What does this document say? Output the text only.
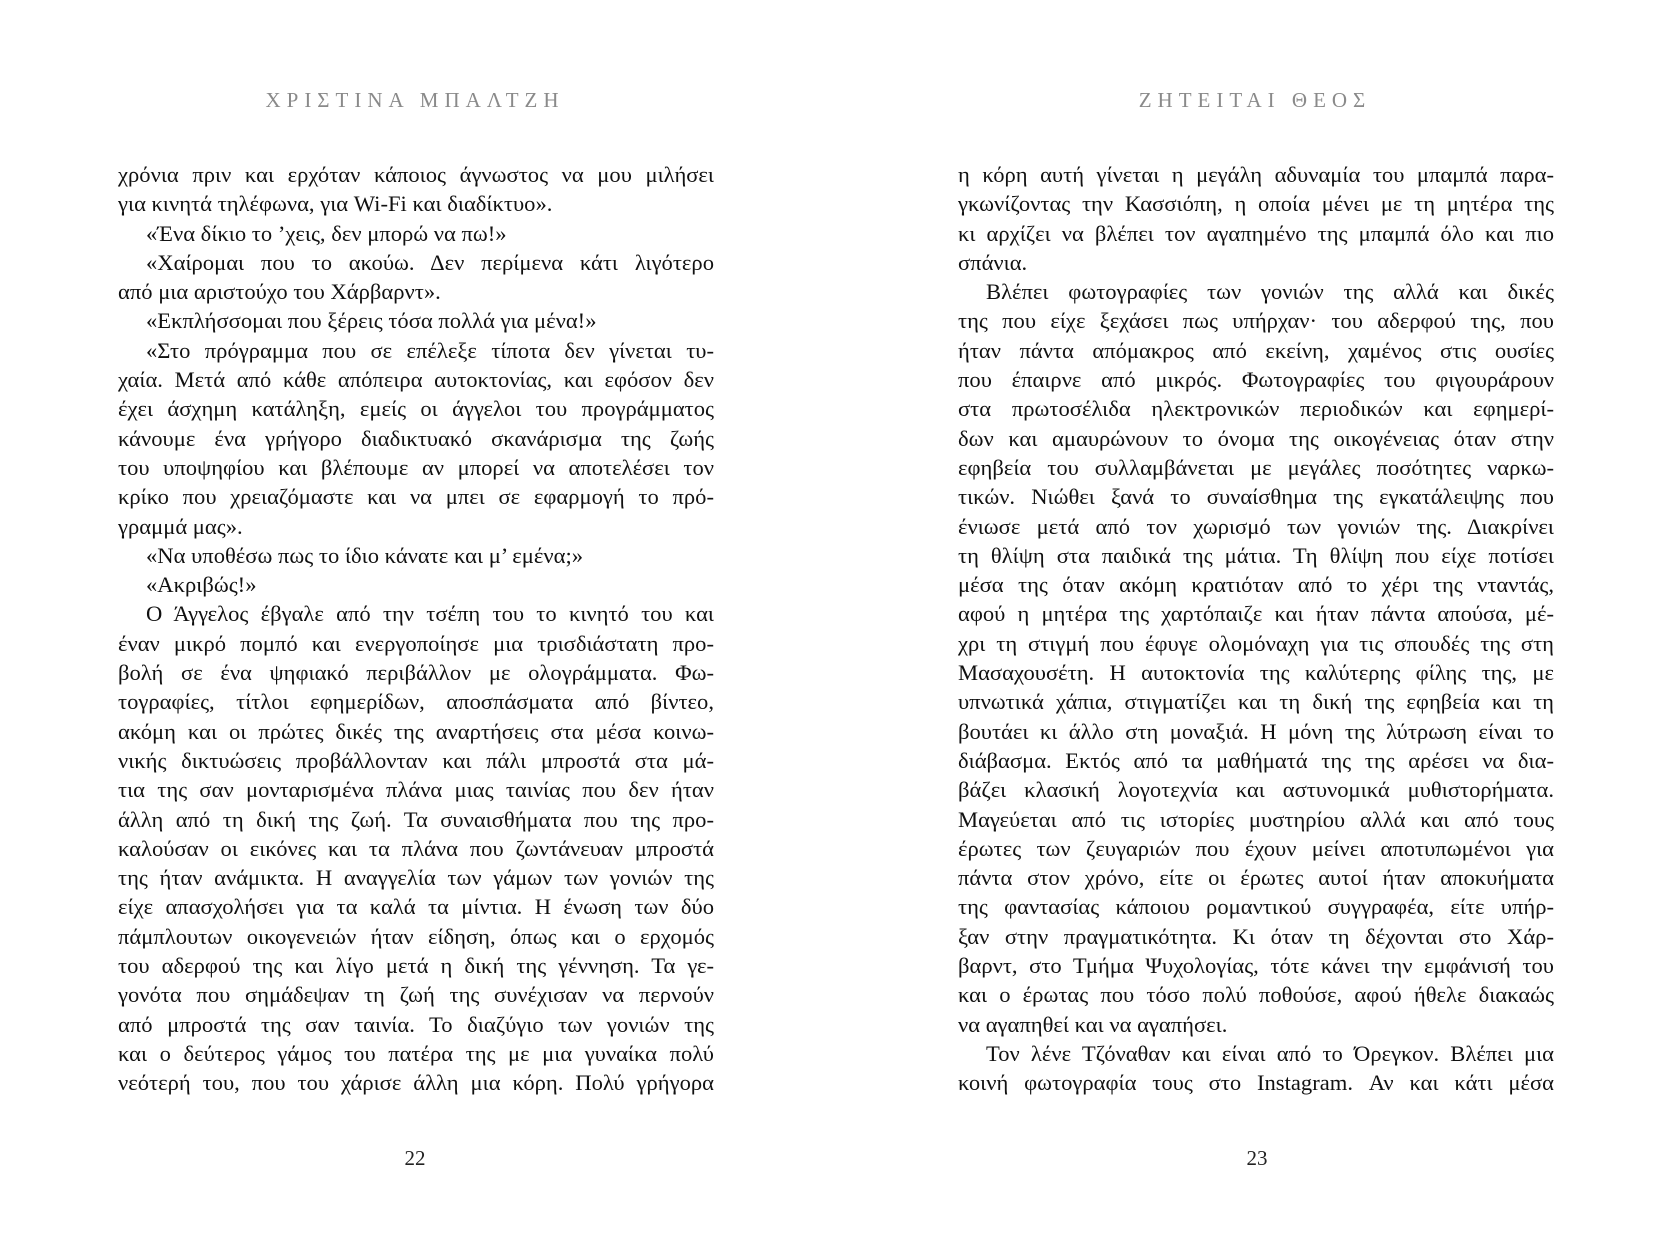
ΧΡΙΣΤΙΝΑ ΜΠΑΛΤΖΗ
χρόνια πριν και ερχόταν κάποιος άγνωστος να μου μιλήσει
για κινητά τηλέφωνα, για Wi-Fi και διαδίκτυο».
«Ένα δίκιο το ’χεις, δεν μπορώ να πω!»
«Χαίρομαι που το ακούω. Δεν περίμενα κάτι λιγότερο
από μια αριστούχο του Χάρβαρντ».
«Εκπλήσσομαι που ξέρεις τόσα πολλά για μένα!»
«Στο πρόγραμμα που σε επέλεξε τίποτα δεν γίνεται τυ-
χαία. Μετά από κάθε απόπειρα αυτοκτονίας, και εφόσον δεν
έχει άσχημη κατάληξη, εμείς οι άγγελοι του προγράμματος
κάνουμε ένα γρήγορο διαδικτυακό σκανάρισμα της ζωής
του υποψηφίου και βλέπουμε αν μπορεί να αποτελέσει τον
κρίκο που χρειαζόμαστε και να μπει σε εφαρμογή το πρό-
γραμμά μας».
«Να υποθέσω πως το ίδιο κάνατε και μ’ εμένα;»
«Ακριβώς!»
Ο Άγγελος έβγαλε από την τσέπη του το κινητό του και
έναν μικρό πομπό και ενεργοποίησε μια τρισδιάστατη προ-
βολή σε ένα ψηφιακό περιβάλλον με ολογράμματα. Φω-
τογραφίες, τίτλοι εφημερίδων, αποσπάσματα από βίντεο,
ακόμη και οι πρώτες δικές της αναρτήσεις στα μέσα κοινω-
νικής δικτυώσεις προβάλλονταν και πάλι μπροστά στα μά-
τια της σαν μονταρισμένα πλάνα μιας ταινίας που δεν ήταν
άλλη από τη δική της ζωή. Τα συναισθήματα που της προ-
καλούσαν οι εικόνες και τα πλάνα που ζωντάνευαν μπροστά
της ήταν ανάμικτα. Η αναγγελία των γάμων των γονιών της
είχε απασχολήσει για τα καλά τα μίντια. Η ένωση των δύο
πάμπλουτων οικογενειών ήταν είδηση, όπως και ο ερχομός
του αδερφού της και λίγο μετά η δική της γέννηση. Τα γε-
γονότα που σημάδεψαν τη ζωή της συνέχισαν να περνούν
από μπροστά της σαν ταινία. Το διαζύγιο των γονιών της
και ο δεύτερος γάμος του πατέρα της με μια γυναίκα πολύ
νεότερή του, που του χάρισε άλλη μια κόρη. Πολύ γρήγορα
22
ΖΗΤΕΙΤΑΙ ΘΕΟΣ
η κόρη αυτή γίνεται η μεγάλη αδυναμία του μπαμπά παρα-
γκωνίζοντας την Κασσιόπη, η οποία μένει με τη μητέρα της
κι αρχίζει να βλέπει τον αγαπημένο της μπαμπά όλο και πιο
σπάνια.
Βλέπει φωτογραφίες των γονιών της αλλά και δικές
της που είχε ξεχάσει πως υπήρχαν· του αδερφού της, που
ήταν πάντα απόμακρος από εκείνη, χαμένος στις ουσίες
που έπαιρνε από μικρός. Φωτογραφίες του φιγουράρουν
στα πρωτοσέλιδα ηλεκτρονικών περιοδικών και εφημερί-
δων και αμαυρώνουν το όνομα της οικογένειας όταν στην
εφηβεία του συλλαμβάνεται με μεγάλες ποσότητες ναρκω-
τικών. Νιώθει ξανά το συναίσθημα της εγκατάλειψης που
ένιωσε μετά από τον χωρισμό των γονιών της. Διακρίνει
τη θλίψη στα παιδικά της μάτια. Τη θλίψη που είχε ποτίσει
μέσα της όταν ακόμη κρατιόταν από το χέρι της νταντάς,
αφού η μητέρα της χαρτόπαιζε και ήταν πάντα απούσα, μέ-
χρι τη στιγμή που έφυγε ολομόναχη για τις σπουδές της στη
Μασαχουσέτη. Η αυτοκτονία της καλύτερης φίλης της, με
υπνωτικά χάπια, στιγματίζει και τη δική της εφηβεία και τη
βουτάει κι άλλο στη μοναξιά. Η μόνη της λύτρωση είναι το
διάβασμα. Εκτός από τα μαθήματά της της αρέσει να δια-
βάζει κλασική λογοτεχνία και αστυνομικά μυθιστορήματα.
Μαγεύεται από τις ιστορίες μυστηρίου αλλά και από τους
έρωτες των ζευγαριών που έχουν μείνει αποτυπωμένοι για
πάντα στον χρόνο, είτε οι έρωτες αυτοί ήταν αποκυήματα
της φαντασίας κάποιου ρομαντικού συγγραφέα, είτε υπήρ-
ξαν στην πραγματικότητα. Κι όταν τη δέχονται στο Χάρ-
βαρντ, στο Τμήμα Ψυχολογίας, τότε κάνει την εμφάνισή του
και ο έρωτας που τόσο πολύ ποθούσε, αφού ήθελε διακαώς
να αγαπηθεί και να αγαπήσει.
Τον λένε Τζόναθαν και είναι από το Όρεγκον. Βλέπει μια
κοινή φωτογραφία τους στο Instagram. Αν και κάτι μέσα
23
